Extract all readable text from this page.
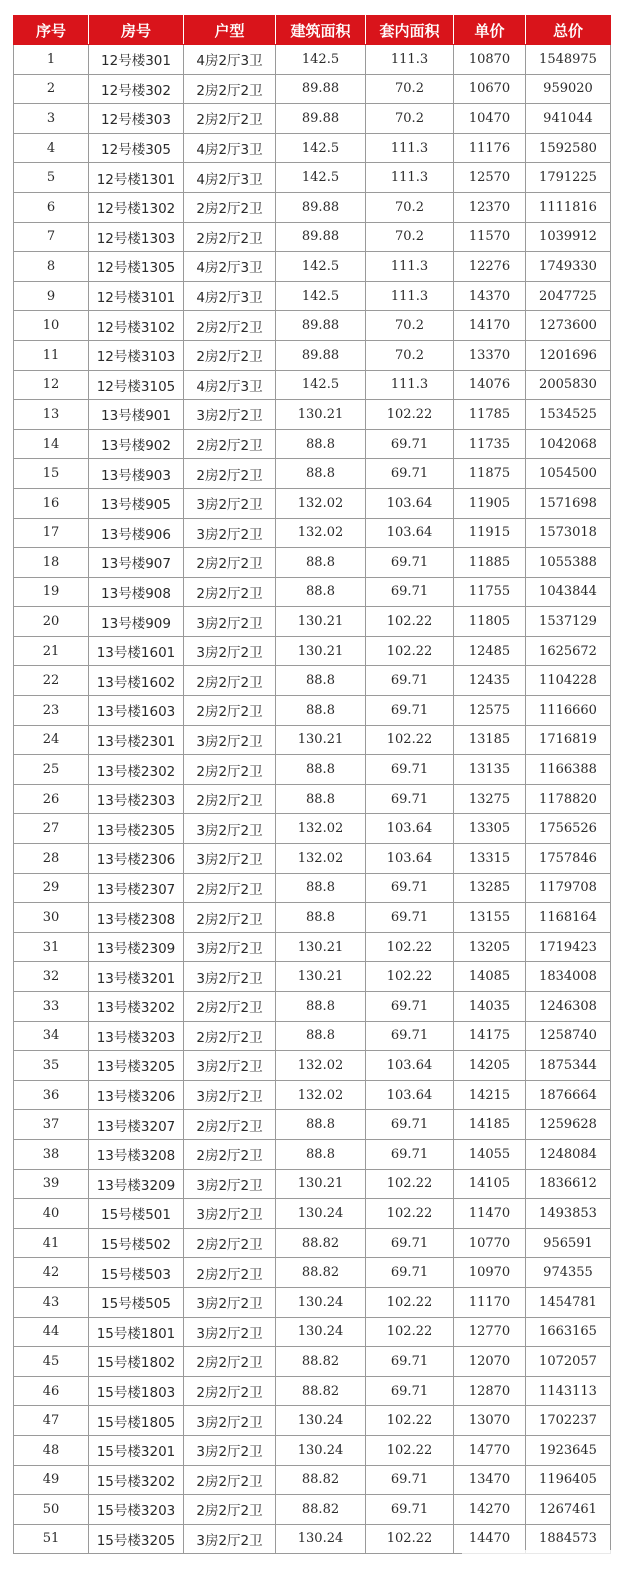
序号	房号	户型	建筑面积	套内面积	单价	总价
1	12号楼301	4房2厅3卫	142.5	111.3	10870	1548975
2	12号楼302	2房2厅2卫	89.88	70.2	10670	959020
3	12号楼303	2房2厅2卫	89.88	70.2	10470	941044
4	12号楼305	4房2厅3卫	142.5	111.3	11176	1592580
5	12号楼1301	4房2厅3卫	142.5	111.3	12570	1791225
6	12号楼1302	2房2厅2卫	89.88	70.2	12370	1111816
7	12号楼1303	2房2厅2卫	89.88	70.2	11570	1039912
8	12号楼1305	4房2厅3卫	142.5	111.3	12276	1749330
9	12号楼3101	4房2厅3卫	142.5	111.3	14370	2047725
10	12号楼3102	2房2厅2卫	89.88	70.2	14170	1273600
11	12号楼3103	2房2厅2卫	89.88	70.2	13370	1201696
12	12号楼3105	4房2厅3卫	142.5	111.3	14076	2005830
13	13号楼901	3房2厅2卫	130.21	102.22	11785	1534525
14	13号楼902	2房2厅2卫	88.8	69.71	11735	1042068
15	13号楼903	2房2厅2卫	88.8	69.71	11875	1054500
16	13号楼905	3房2厅2卫	132.02	103.64	11905	1571698
17	13号楼906	3房2厅2卫	132.02	103.64	11915	1573018
18	13号楼907	2房2厅2卫	88.8	69.71	11885	1055388
19	13号楼908	2房2厅2卫	88.8	69.71	11755	1043844
20	13号楼909	3房2厅2卫	130.21	102.22	11805	1537129
21	13号楼1601	3房2厅2卫	130.21	102.22	12485	1625672
22	13号楼1602	2房2厅2卫	88.8	69.71	12435	1104228
23	13号楼1603	2房2厅2卫	88.8	69.71	12575	1116660
24	13号楼2301	3房2厅2卫	130.21	102.22	13185	1716819
25	13号楼2302	2房2厅2卫	88.8	69.71	13135	1166388
26	13号楼2303	2房2厅2卫	88.8	69.71	13275	1178820
27	13号楼2305	3房2厅2卫	132.02	103.64	13305	1756526
28	13号楼2306	3房2厅2卫	132.02	103.64	13315	1757846
29	13号楼2307	2房2厅2卫	88.8	69.71	13285	1179708
30	13号楼2308	2房2厅2卫	88.8	69.71	13155	1168164
31	13号楼2309	3房2厅2卫	130.21	102.22	13205	1719423
32	13号楼3201	3房2厅2卫	130.21	102.22	14085	1834008
33	13号楼3202	2房2厅2卫	88.8	69.71	14035	1246308
34	13号楼3203	2房2厅2卫	88.8	69.71	14175	1258740
35	13号楼3205	3房2厅2卫	132.02	103.64	14205	1875344
36	13号楼3206	3房2厅2卫	132.02	103.64	14215	1876664
37	13号楼3207	2房2厅2卫	88.8	69.71	14185	1259628
38	13号楼3208	2房2厅2卫	88.8	69.71	14055	1248084
39	13号楼3209	3房2厅2卫	130.21	102.22	14105	1836612
40	15号楼501	3房2厅2卫	130.24	102.22	11470	1493853
41	15号楼502	2房2厅2卫	88.82	69.71	10770	956591
42	15号楼503	2房2厅2卫	88.82	69.71	10970	974355
43	15号楼505	3房2厅2卫	130.24	102.22	11170	1454781
44	15号楼1801	3房2厅2卫	130.24	102.22	12770	1663165
45	15号楼1802	2房2厅2卫	88.82	69.71	12070	1072057
46	15号楼1803	2房2厅2卫	88.82	69.71	12870	1143113
47	15号楼1805	3房2厅2卫	130.24	102.22	13070	1702237
48	15号楼3201	3房2厅2卫	130.24	102.22	14770	1923645
49	15号楼3202	2房2厅2卫	88.82	69.71	13470	1196405
50	15号楼3203	2房2厅2卫	88.82	69.71	14270	1267461
51	15号楼3205	3房2厅2卫	130.24	102.22	14470	1884573
